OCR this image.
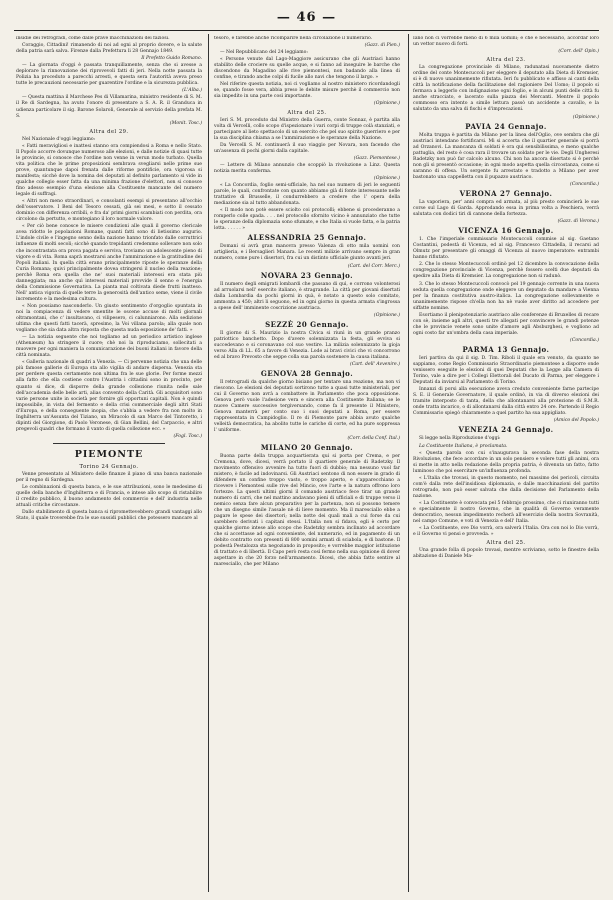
— 46 —

insidie dei retrogradi, come dalle prave macchinazioni dei faziosi.

Coraggio, Cittadini! rimanendo di noi ad ogni al proprio dovere, e la salute della patria sarà salva. Firenze dalla Prefettura li 28 Gennajo 1849.

Il Prefetto Guido Romano.

— La giornata d'oggi è passata tranquillamente, senza che si avesse a deplorare la rinnovazione dei riprovevoli fatti di jeri. Nella notte passata la Polizia ha proceduto a parecchi arresti, e questa sera l'autorità aveva preso tutte le precauzioni necessarie per guarentire l'ordine e la sicurezza pubblica.

(L'Alba.)

— Questa mattina il Marchese Pes di Villamarina, ministro residente di S. M. il Re di Sardegna, ha avuto l'onore di presentare a S. A. R. il Granduca in udienza particolare il sig. Barone Solaroli, Generale al servizio della prefata M. S.

(Monit. Tosc.)

Altra del 29.

Nel Nazionale d'oggi leggiamo:

« Fatti meravigliosi e inattesi stanno ora compiendosi a Roma e nello Stato. Il Popolo accorre dovunque numeroso alle elezioni, e dalle notizie di quasi tutte le provincie, si conosce che l'ordine non venne in verun modo turbato. Quella vita politica che le prime proposizioni sembrava svegliarsi nelle prime sue prove, quantunque dapoi frenata dalle riforme pontificie, ora vigorosa si manifesta; sicchè dove la nomina dei deputati al definito parlamento si vide in qualche collegio esser fatta da una minima frazione d'elettori, non si conosce fino adesso esempio d'una elezione alla Costituente mancante del numero legale di suffragi.

« Altri non meno straordinari, e consolanti esempi si presentano all'occhio dell'osservatore. I Beni del Tesoro cessati, già sei mesi, e sotto il cessato dominio con differenza orribili, e fra da' primi giorni scambiati con perdita, ora circolono da pertutto, e montegiano il loro normale valore.

« Per ciò bene conosce le misere condizioni alle quali il governo clericale avea ridotto le popolazioni Romane, quanti fatti sono di lietissimo augurio. L'indole civile e l'ingegno senno della nazione hanno trionfato dalle corruttrici influenze di molti secoli; sicchè quando trepidanti credemmo sollevare non solo che incontrastata ora prova pagata e serviva, troviamo un adolescente pieno di vigore e di vita. Roma saprà mostrarsi anche l'ammirazione e la gratitudine dei Popoli italiani. In quella città erano principalmente riposte le speranze della Curia Romana; quivi principalmente dovea stringersi il nucleo della reazione; perchè Roma era quella che ne' suoi materiali interessi era stata più danneggiata; ma anche quì interessi materiali provvide il senno e l'energia della Commissione Governativa. La pianta mal coltivata diede frutti inatteso. Nell' antica vigoria di quelle terre la generosità dell'antico seme, viene il civile incremento e la medesima cultura.

« Non possiamo nasconderlo. Un giusto sentimento d'orgoglio spuntata in noi la compiacenza di vedere smentite le oscene accuse di molti giornali oltramontani, che c' insultavano, ci vilipesero, ci calunniarono. Alla sedizione ultima che questi fatti tacerà, spresimo, la Voi villana parola; alla quale non vogliamo che sia data altra risposta che questa nuda esposizione de' fatti. »

— La notizia seguente che noi togliamo ad un periodico artistico inglese (Athenæum) ha stringere il cuore; chè noi la riproduciamo, sollecitati a muovere per ogni maniera la comunicarazione dei buoni italiani in favore della città nominata.

« Galleria nazionale di quadri a Venezia. — Ci pervenne notizia che una delle più famose gallerie di Europa sta allo vigilia di andare dispersa. Venezia sta per perdere questa certamente non ultima fra le sue glorie. Per forme mezzi alla fatto che ella costiene contro l'Austria i cittadini sono in procinto, per quanto si dice, di disporre della grande collezione riunita nelle sale dell'accademia delle belle arti, alias convento della Carità. Gli acquisitori sono varie persone unite in società per fornire gli opportuni capitali. Non è quindi impossibile, in vista del fermento e della crisi commerciale degli altri Stati d'Europa, e della conseguente inopia, che s'abbia a vedere fra non molto in Inghilterra un'Assunta del Tiziano, un Miracolo di san Marco del Tintoretto, i dipinti del Giorgione, di Paolo Veronese, di Gian Bellini, del Carpaccio, e altri pregevoli quadri che formano il vanto di quella collezione ecc. »

(Fogl. Tosc.)

PIEMONTE

Torino 24 Gennajo.

Venne presentato al Ministero delle finanze il piano di una banca nazionale per il regno di Sardegna.

Le combinazioni di questa banca, e le sue attribuzioni, sono le medesime di quelle della banche d'Inghilterra e di Francia, e intese allo scopo di ristabilire il credito pubblico, il buono andamento del commercio e dell' industria nelle attuali critiche circostanze.

Dallo stabilimento di questa banca si ripromettevebbero grandi vantaggi allo Stato, il quale troverebbe fra le sue sussidi pubblici che potessero mancare al

tesoro, e farebbe anche ricomparire nella circolazione il numerario.

(Gazz. di Pien.)

— Nel Repubblicano del 24 leggiamo:

« Persone venute dal Lago-Maggiore assicurano che gli Austriaci hanno stabilito delle crociere su quelle acque, e si fanno ad inseguire le barche che discendono da Magadino alle rive piemontesi, non badando alla linea di confine, e tirando anche colpi di fucile allo navi che tengono il largo. »

Nel riferire questa notizia, noi ci vogliamo al nostro ministero ricordandogli se, quando fosse vera, abbia preso le debite misure perchè il commercio non sia impedito in una parte così importante.

(Opinione.)

Altra del 25.

Ieri S. M. proceduto dal Ministro della Guerra, conte Sonnaz, è partita alla volta di Vercelli, collo scopo d'ispezionare i vari corpi di truppe colà stanziati, e partecipare al lieto spettacolo di un esercito che pel suo spirito guerriero e per la sua disciplina chiama a se l'ammirazione e le speranze della Nazione.

Da Vercelli S. M. continuerà il suo viaggio per Novara, non facendo che un'assenza di pochi giorni dalla capitale.

(Gazz. Piemontese.)

— Lettere di Milano annunzio che scoppiò la rivoluzione a Linz. Questa notizia merita conferma.

(Opinione.)

« La Concordia, foglio semi-ufficiale, ha nel suo numero di jeri le seguenti parole, le quali, confrontate con quanto abbiamo già di fonte interessante nelle trattative di Brusselle, il condurrebbero a credere che l' opera della mediazione sia al tutto abbandonata.

« Il modo non potè essere sciolto coi protocolli; ebbene si procederanno a romperlo colle spada. . . . nel protocollo sfornito vicino è annunziato che tutte le speranze della diplomazia sono sfumate, e che Italia si vuole fatta, e la patria lotta. . . . . . »

ALESSANDRIA 25 Gennajo.

Domani si avrà gran manovra presso Valenza di otto mila uomini con artiglieria, e i Bersaglieri Manara. Le recenti milizie arrivano sempre in gran numero, come pure i disertori, fra cui un distinto ufficiale giunto avanti jeri.

(Cart. del Corr. Merc.)

NOVARA 23 Gennajo.

Il numero degli emigrati lombardi che passano di quì, e corrono volonterosi ad arruolarsi nell' esercito italiano, è stragrande. La città per giovani disertati dalla Lombardia da pochi giorni in quà, è notato a questo solo comitato, ammonta a 450; altri li seguono, ed in ogni giorno in questa armata s'ingrossa a spese dell' imminente coscrizione austriaca.

(Opinione.)

SEZZÈ 20 Gennajo.

Il giorno di S. Maurizio la nostra Civica si riunì in un grande pranzo patriottico banchetto. Dopo d'avere solennizzata la festa, gli evviva si succedevano e si coronavano col suo vestire. La milizia solennizzato la gioja verso Alla di LL. 65 a favore di Venezia. Lode ai bravi civici che vi concorrono ed al bravo Prevosto che seppe colla sua parola sostenere la causa italiana.

(Cart. dell' Avvenire.)

GENOVA 28 Gennajo.

Il retrogradi da qualche giorno bisiano per tentare una reazione, ma non vi riescono. Le elezioni dei deputati sortirono tutte a quasi tutte ministeriali, per cui il Governo non avrà a combattere in Parlamento che poca opposizione. Genova però vuole l'adesione vera e sincera alla Costituente Italiana; se le nuove Camere successive tergiversando, come fa il presente il Ministero, Genova manterrà per conto suo i suoi deputati a Roma, per essere rappresentata in Campidoglio. Il re di Piemonte pare abbia avuto qualche velleità democratica, ha abolito tutte le cariche di corte, ed ha pure soppressa l' uniforme.

(Corr. della Conf. Ital.)

MILANO 20 Gennajo.

Buona parte della truppa acquartierata qui si porta per Crema, e per Cremona, dove, dicesi, verrà portato il quartiere generale di Radetzky. Il movimento offensivo avvenire ha tutto fuori di dubbio; ma nessuno vuol far mistero, è facile ad indovinarsi. Gli Austriaci sentono di non essere in grado di difendere un confine troppo vasto, e troppo aperto, e s'apparecchiano a ricevere i Piemontesi sulle rive del Mincio, ove l'arte e la natura offrono loro fortezze. La questi ultimi giorni il comando austriaco fece tirar un grande numero di carri, che nel mattino andavano pieni di ufficiali e di truppe verso il nemico senza fare alcun preparativo per la partenza, non si possono temere che un disegno simile l'assale nè di lieve momento. Ma il maresciallo ebbe a pagare le spese dei disertori; nella notte dei quali mali a cui forse da cui sarebbero derivati i capitani stessi. L'Italia non si fidava, egli è certo per qualche giorno intese allo scopo che Radetzky sembra inclinato ad accordare che si accettasse ad ogni conveniente, del numerario, ed in pagamento di un debito contratto con presenti di 800 uomini armati di sciabola, e di bastone. Il podestà Pestalozza sta negoziando in proposito; e vorrebbe maggior istituzione di trattato e di libertà. Il Capo però resta così fermo nella sua opinione di dover aspettare in che 20 forzo nell'armamento. Dicesi, che abbia fatto sentire al maresciallo, che per Milano

Iano non ci vorrebbe meno di 6 mila uomini; e che è necessario, accordar loro un vettor nuovo di forti.

(Corr. dell' Opin.)

Altra del 23.

La congregazione provinciale di Milano, radunatasi nuovamente dietro ordine del conte Montecuccoli per eleggere il deputato alla Dieta di Kremsier, si è di nuovo unanimemente rifiutata. Ieri fu pubblicato e affisso ai canti della città la notificazione della facilitazione del ragioniere Del Uomo; il popolo si fermava a leggerlo con indignazione ogni foglio, e in alcuni punti delle città fu anche stracciato, e lacerato sulla piazza dei Mercanti. Mentre il popolo commosso era intento a simile lettura passò un accidente a cavallo, e la salutato da una salva di fischi e d'imprecazioni.

(Opinione.)

PAVIA 24 Gennajo.

Molta truppa è partita da Milano per la linea dell'Oglio, ove sembra che gli austriaci intendano fortificarsi. Mi si accerta che il quartier generale si porrà ad Orzanovi. La mancanza di soldati è ora qui sensibilissima, e meno qualche pattuglia, del resto è cosa rara il trovare un soldato per le vie. Degli Ungheresi Radetzky non può far calcolo alcuno. Chi non ha ancora disertato si è perchè non gli si presentò occasione; in ogni modo aspetta quella circostanza, come si saranno di offesa. Un sergente fu arrestato e tradotto a Milano per aver bastonato una cappelletta con il pupazzo austriaco.

(Concordia.)

VERONA 27 Gennajo.

La vaporiera, per' anni compra ed armata, al più presto comincierà le sue corse sul Lago di Garda. Approdando essa in prima volta a Peschiera, verrà salutata con dodici tiri di cannone della fortezza.

(Gazz. di Verona.)

VICENZA 16 Gennajo.

1. Che l'imperiale commissario Montecuccoli commise al sig. Gaetano Costantini, podestà di Vicenza, ed al sig. Francesco Cittadella, il recarsi ad Olmutz per presentare gli omaggi di Vicenza al nuovo imperatore: entrambi hanno rifiutato.

2. Che lo stesso Montecuccoli ordinò pel 12 dicembre la convocazione della congregazione provinciale di Vicenza, perchè fossero scelti due deputati da spedire alla Dieta di Kremsier. La congregazione non si radunò.

3. Che lo stesso Montecuccoli convocò pel 19 gennajo corrente in una nuova seduta quella congregazione onde eleggere un deputato da mandare a Vienna per la finanza costitutiva austro-italica. La congregazione sollevamente e unanimemente rispose ch'ella non ha nè vuole aver diritto ad accedere per siffatte nomine.

Esortiamo il plenipotenziario austriaco alle conferenze di Bruxelles di recare con sè, insieme agli altri, questi tre allegati per convincere le grandi potenze che le provincie venete sono unite d'amore agli Absburghesi, e vogliono ad ogni costo far un'ombra della casa imperiale.

(Concordia.)

PARMA 13 Gennajo.

Ieri partiva da qui il sig. D. Tim. Riboli il quale era venuto, da quanto ne sappiamo, come Regio Commissario Straordinario piemontese a disporre onde venissero eseguite le elezioni di quei Deputati che la Legge alla Camera di Torino, vale a dire per i Collegi Elettorali del Ducato di Parma, per eleggere i Deputati da inviarsi al Parlamento di Torino.

Innanzi di porsi alla esecuzione aveva creduto conveniente farne partecipe S. E. il Generale Governatore, il quale ordinò, in via di diverso elezioni dei tramite interposto di tanta, della che allontanarsi alla protezione di S.M.R. onde tratta incarico, o di allontanarsi dalla città entro 24 ore. Partendo il Regio Commissario spiegò chiaramente a quel partito ha sua appigliato.

(Amico del Popolo.)

VENEZIA 24 Gennajo.

Si legge nella Riproduzione d'oggi:

La Costituente Italiana, è proclamata.

« Questa parola con cui s'inaugurava la seconda fase della nostra Rivoluzione, che fece accordare in un solo pensiero e volere tutti gli animi, ora si mette in atto nella redazione della propria patria, è divenuta un fatto, fatto luminoso che poi esercitare un'influenza profonda.

« L'Italia che trovasi, in questo momento, nel massimo dei pericoli, circuita com'è dalla rete dell'insidiosa diplomazia, e dalle macchinazioni del partito retrogrado, non può esser salvata che dalla decisione del Parlamento della nazione.

« La Costituente è convocata pel 5 febbrajo prossimo, che ci riuniranno tutti e specialmente il nostro Governo, che in qualità di Governo veramente democratico, nessun impedimento recherà all'esercizio della nostra Sovranità, nel campo Comune, e voti di Venezia e dell' Italia.

« La Costituente, ove Dio vorrà, ora salverà l'Italia. Ora con noi lo Dio vorrà, e il Governo vi pensi e provveda. »

Altra del 25.

Una grande folla di popolo trovasi, mentre scriviamo, sotto le finestre della abitazione di Daniele Ma-
